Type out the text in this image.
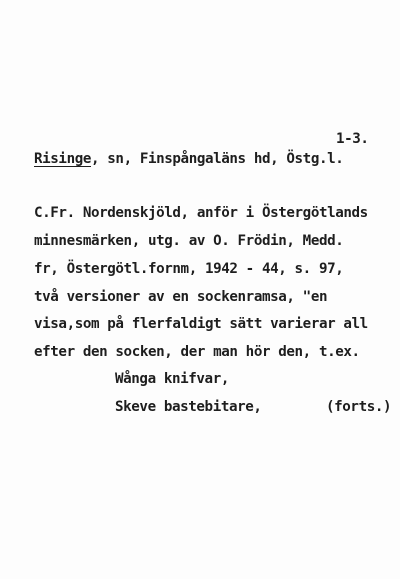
1-3.
Risinge, sn, Finspångaläns hd, Östg.l.
C.Fr. Nordenskjöld, anför i Östergötlands
minnesmärken, utg. av O. Frödin, Medd.
fr, Östergötl.fornm, 1942 - 44, s. 97,
två versioner av en sockenramsa, "en
visa,som på flerfaldigt sätt varierar all
efter den socken, der man hör den, t.ex.
Wånga knifvar,
Skeve bastebitare,	(forts.)
